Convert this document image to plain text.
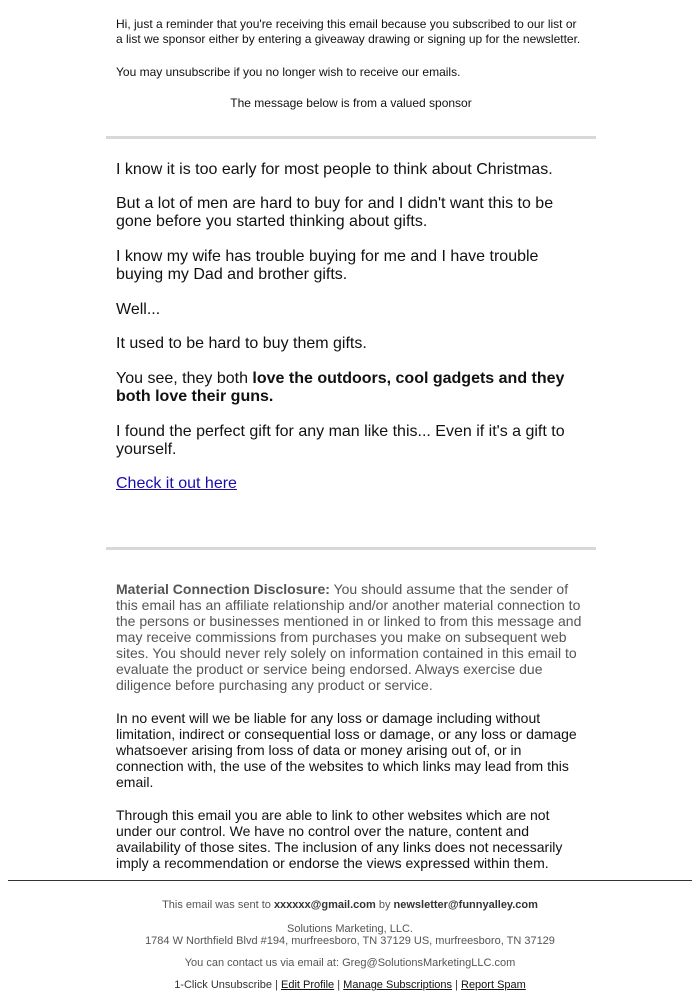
Hi, just a reminder that you're receiving this email because you subscribed to our list or a list we sponsor either by entering a giveaway drawing or signing up for the newsletter.
You may unsubscribe if you no longer wish to receive our emails.
The message below is from a valued sponsor
I know it is too early for most people to think about Christmas.
But a lot of men are hard to buy for and I didn't want this to be gone before you started thinking about gifts.
I know my wife has trouble buying for me and I have trouble buying my Dad and brother gifts.
Well...
It used to be hard to buy them gifts.
You see, they both love the outdoors, cool gadgets and they both love their guns.
I found the perfect gift for any man like this... Even if it's a gift to yourself.
Check it out here
Material Connection Disclosure: You should assume that the sender of this email has an affiliate relationship and/or another material connection to the persons or businesses mentioned in or linked to from this message and may receive commissions from purchases you make on subsequent web sites. You should never rely solely on information contained in this email to evaluate the product or service being endorsed. Always exercise due diligence before purchasing any product or service.
In no event will we be liable for any loss or damage including without limitation, indirect or consequential loss or damage, or any loss or damage whatsoever arising from loss of data or money arising out of, or in connection with, the use of the websites to which links may lead from this email.
Through this email you are able to link to other websites which are not under our control. We have no control over the nature, content and availability of those sites. The inclusion of any links does not necessarily imply a recommendation or endorse the views expressed within them.
This email was sent to xxxxxx@gmail.com by newsletter@funnyalley.com
Solutions Marketing, LLC.
1784 W Northfield Blvd #194, murfreesboro, TN 37129 US, murfreesboro, TN 37129
You can contact us via email at: Greg@SolutionsMarketingLLC.com
1-Click Unsubscribe | Edit Profile | Manage Subscriptions | Report Spam
